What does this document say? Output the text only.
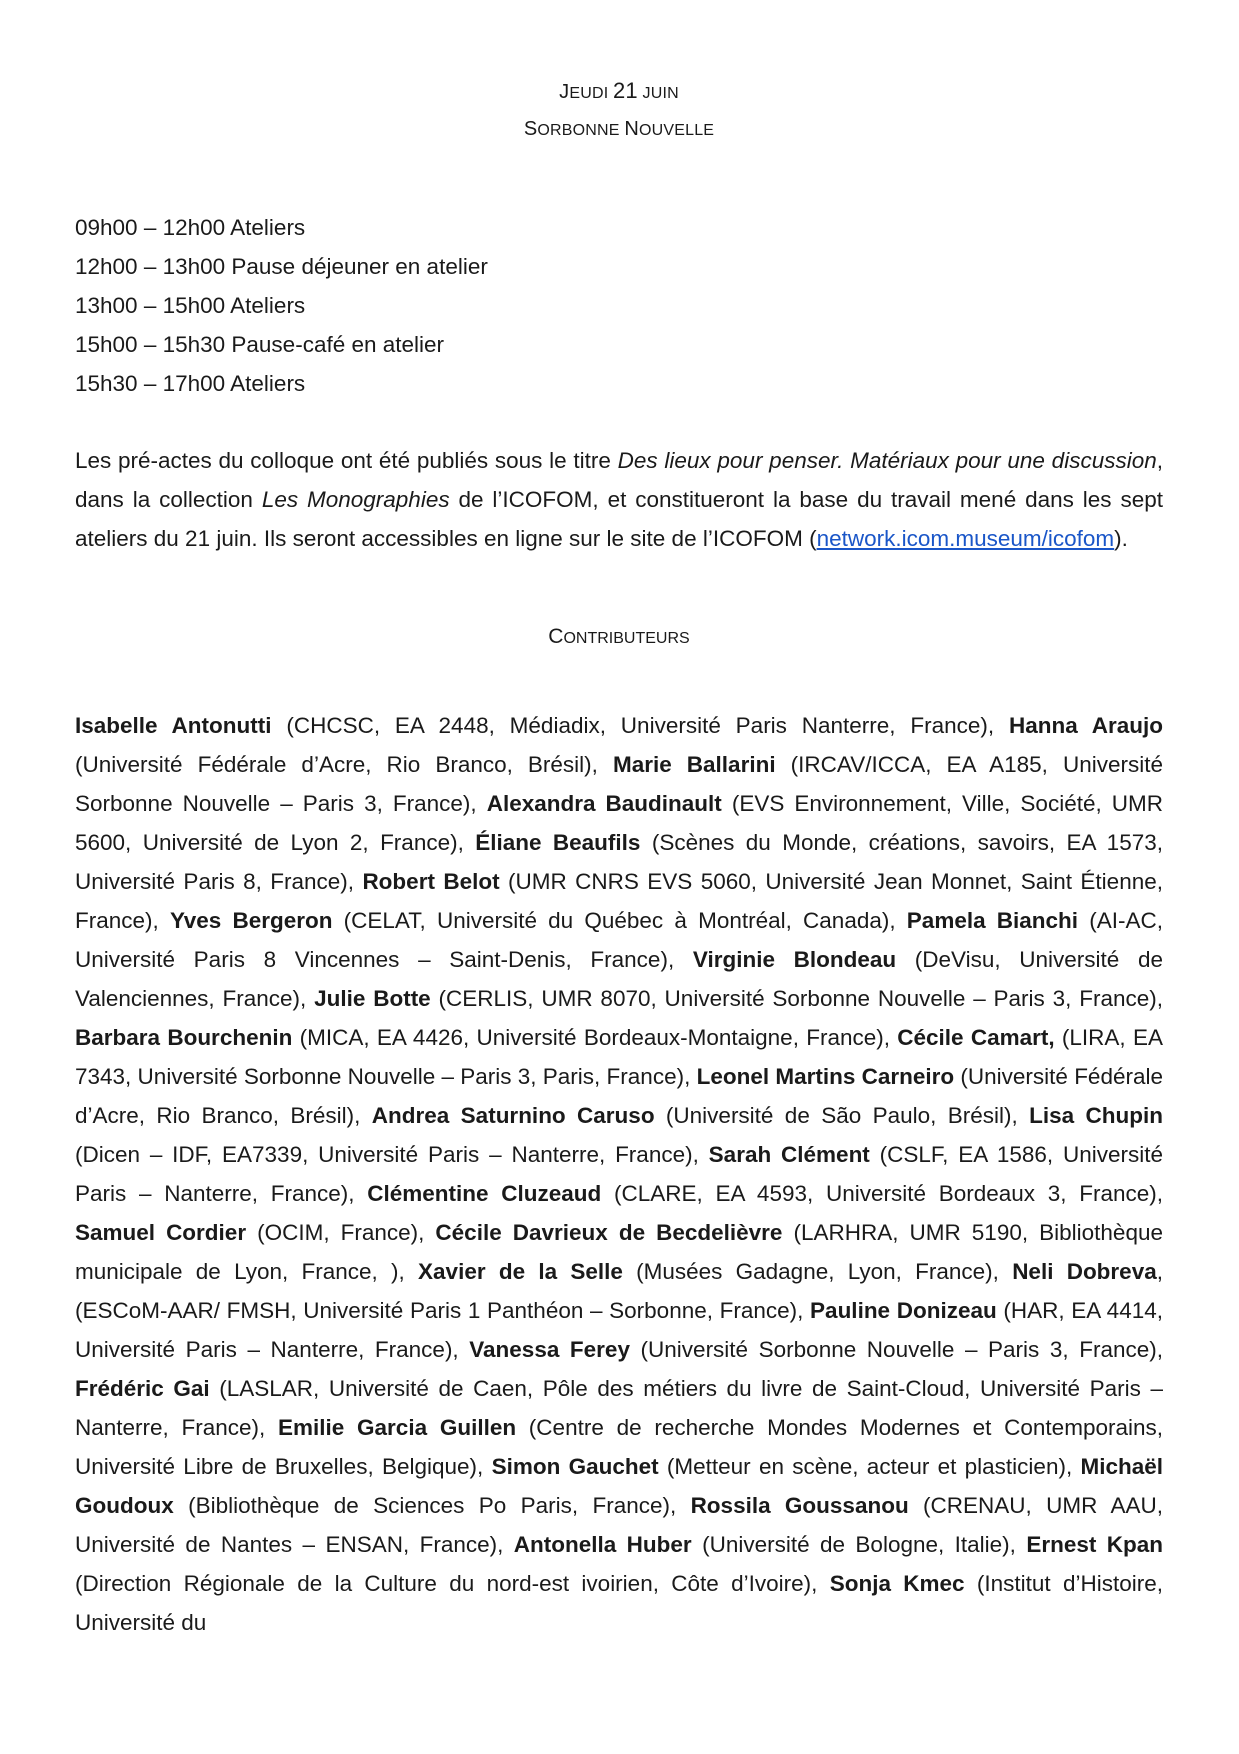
JEUDI 21 JUIN
SORBONNE NOUVELLE
09h00 – 12h00 Ateliers
12h00 – 13h00 Pause déjeuner en atelier
13h00 – 15h00 Ateliers
15h00 – 15h30 Pause-café en atelier
15h30 – 17h00 Ateliers

Les pré-actes du colloque ont été publiés sous le titre Des lieux pour penser. Matériaux pour une discussion, dans la collection Les Monographies de l’ICOFOM, et constitueront la base du travail mené dans les sept ateliers du 21 juin. Ils seront accessibles en ligne sur le site de l’ICOFOM (network.icom.museum/icofom).

CONTRIBUTEURS

Isabelle Antonutti (CHCSC, EA 2448, Médiadix, Université Paris Nanterre, France), Hanna Araujo (Université Fédérale d’Acre, Rio Branco, Brésil), Marie Ballarini (IRCAV/ICCA, EA A185, Université Sorbonne Nouvelle – Paris 3, France), Alexandra Baudinault (EVS Environnement, Ville, Société, UMR 5600, Université de Lyon 2, France), Éliane Beaufils (Scènes du Monde, créations, savoirs, EA 1573, Université Paris 8, France), Robert Belot (UMR CNRS EVS 5060, Université Jean Monnet, Saint Étienne, France), Yves Bergeron (CELAT, Université du Québec à Montréal, Canada), Pamela Bianchi (AI-AC, Université Paris 8 Vincennes – Saint-Denis, France), Virginie Blondeau (DeVisu, Université de Valenciennes, France), Julie Botte (CERLIS, UMR 8070, Université Sorbonne Nouvelle – Paris 3, France), Barbara Bourchenin (MICA, EA 4426, Université Bordeaux-Montaigne, France), Cécile Camart, (LIRA, EA 7343, Université Sorbonne Nouvelle – Paris 3, Paris, France), Leonel Martins Carneiro (Université Fédérale d’Acre, Rio Branco, Brésil), Andrea Saturnino Caruso (Université de São Paulo, Brésil), Lisa Chupin (Dicen – IDF, EA7339, Université Paris – Nanterre, France), Sarah Clément (CSLF, EA 1586, Université Paris – Nanterre, France), Clémentine Cluzeaud (CLARE, EA 4593, Université Bordeaux 3, France), Samuel Cordier (OCIM, France), Cécile Davrieux de Becdelièvre (LARHRA, UMR 5190, Bibliothèque municipale de Lyon, France, ), Xavier de la Selle (Musées Gadagne, Lyon, France), Neli Dobreva, (ESCoM-AAR/ FMSH, Université Paris 1 Panthéon – Sorbonne, France), Pauline Donizeau (HAR, EA 4414, Université Paris – Nanterre, France), Vanessa Ferey (Université Sorbonne Nouvelle – Paris 3, France), Frédéric Gai (LASLAR, Université de Caen, Pôle des métiers du livre de Saint-Cloud, Université Paris – Nanterre, France), Emilie Garcia Guillen (Centre de recherche Mondes Modernes et Contemporains, Université Libre de Bruxelles, Belgique), Simon Gauchet (Metteur en scène, acteur et plasticien), Michaël Goudoux (Bibliothèque de Sciences Po Paris, France), Rossila Goussanou (CRENAU, UMR AAU, Université de Nantes – ENSAN, France), Antonella Huber (Université de Bologne, Italie), Ernest Kpan (Direction Régionale de la Culture du nord-est ivoirien, Côte d’Ivoire), Sonja Kmec (Institut d’Histoire, Université du
